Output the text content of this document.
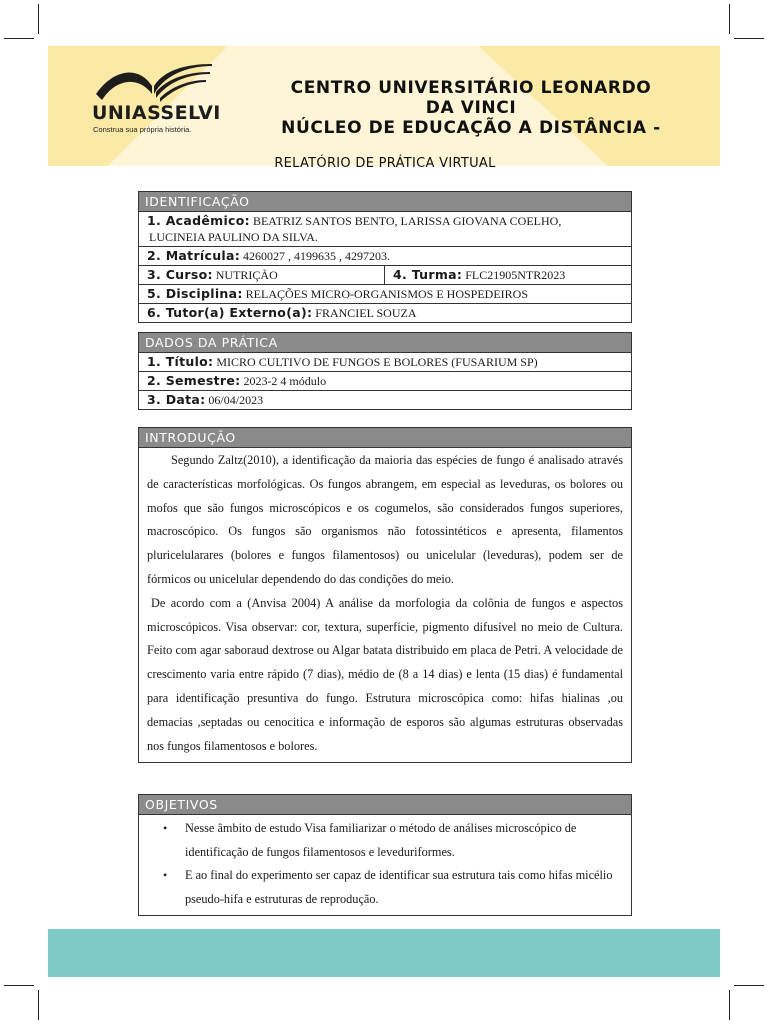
UNIASSELVI
Construa sua própria história.
CENTRO UNIVERSITÁRIO LEONARDO
DA VINCI
NÚCLEO DE EDUCAÇÃO A DISTÂNCIA -
RELATÓRIO DE PRÁTICA VIRTUAL
IDENTIFICAÇÃO
1. Acadêmico: BEATRIZ SANTOS BENTO, LARISSA GIOVANA COELHO,
LUCINEIA PAULINO DA SILVA.
2. Matrícula: 4260027 , 4199635 , 4297203.
3. Curso: NUTRIÇÃO	4. Turma: FLC21905NTR2023
5. Disciplina: RELAÇÕES MICRO-ORGANISMOS E HOSPEDEIROS
6. Tutor(a) Externo(a): FRANCIEL SOUZA
DADOS DA PRÁTICA
1. Título: MICRO CULTIVO DE FUNGOS E BOLORES (FUSARIUM SP)
2. Semestre: 2023-2 4 módulo
3. Data: 06/04/2023
INTRODUÇÃO

Segundo Zaltz(2010), a identificação da maioria das espécies de fungo é analisado através de características morfológicas. Os fungos abrangem, em especial as leveduras, os bolores ou mofos que são fungos microscópicos e os cogumelos, são considerados fungos superiores, macroscópico. Os fungos são organismos não fotossintéticos e apresenta, filamentos pluricelularares (bolores e fungos filamentosos) ou unicelular (leveduras), podem ser de fórmicos ou unicelular dependendo do das condições do meio.

De acordo com a (Anvisa 2004) A análise da morfologia da colônia de fungos e aspectos microscópicos. Visa observar: cor, textura, superfície, pigmento difusível no meio de Cultura. Feito com agar saboraud dextrose ou Algar batata distribuido em placa de Petri. A velocidade de crescimento varia entre rápido (7 dias), médio de (8 a 14 dias) e lenta (15 dias) é fundamental para identificação presuntiva do fungo. Estrutura microscópica como: hifas hialinas ,ou demacias ,septadas ou cenocitica e informação de esporos são algumas estruturas observadas nos fungos filamentosos e bolores.

OBJETIVOS
• Nesse âmbito de estudo Visa familiarizar o método de análises microscópico de identificação de fungos filamentosos e leveduriformes.
• E ao final do experimento ser capaz de identificar sua estrutura tais como hifas micélio pseudo-hifa e estruturas de reprodução.
